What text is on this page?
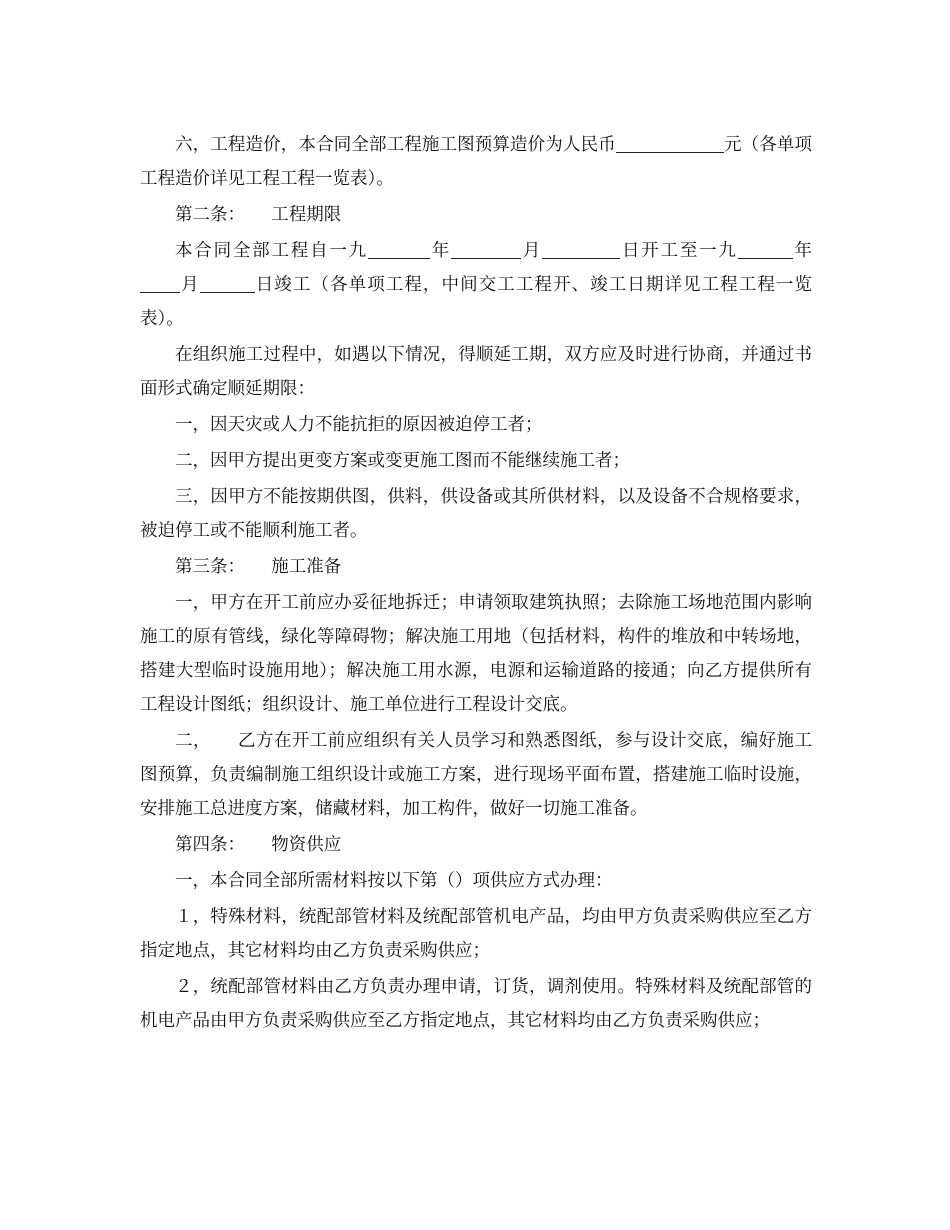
六，工程造价，本合同全部工程施工图预算造价为人民币	元（各单项工程造价详见工程工程一览表）。

第二条：　　工程期限

本合同全部工程自一九	年	月	日开工至一九	年月	日竣工（各单项工程，中间交工工程开、竣工日期详见工程工程一览表）。

在组织施工过程中，如遇以下情况，得顺延工期，双方应及时进行协商，并通过书面形式确定顺延期限：

一，因天灾或人力不能抗拒的原因被迫停工者；

二，因甲方提出更变方案或变更施工图而不能继续施工者；

三，因甲方不能按期供图，供料，供设备或其所供材料，以及设备不合规格要求，被迫停工或不能顺利施工者。

第三条：　　施工准备

一，甲方在开工前应办妥征地拆迁；申请领取建筑执照；去除施工场地范围内影响施工的原有管线，绿化等障碍物；解决施工用地（包括材料，构件的堆放和中转场地，搭建大型临时设施用地）；解决施工用水源，电源和运输道路的接通；向乙方提供所有工程设计图纸；组织设计、施工单位进行工程设计交底。

二，　　乙方在开工前应组织有关人员学习和熟悉图纸，参与设计交底，编好施工图预算，负责编制施工组织设计或施工方案，进行现场平面布置，搭建施工临时设施，安排施工总进度方案，储藏材料，加工构件，做好一切施工准备。

第四条：　　物资供应

一，本合同全部所需材料按以下第（）项供应方式办理：

１，特殊材料，统配部管材料及统配部管机电产品，均由甲方负责采购供应至乙方指定地点，其它材料均由乙方负责采购供应；

２，统配部管材料由乙方负责办理申请，订货，调剂使用。特殊材料及统配部管的机电产品由甲方负责采购供应至乙方指定地点，其它材料均由乙方负责采购供应；
